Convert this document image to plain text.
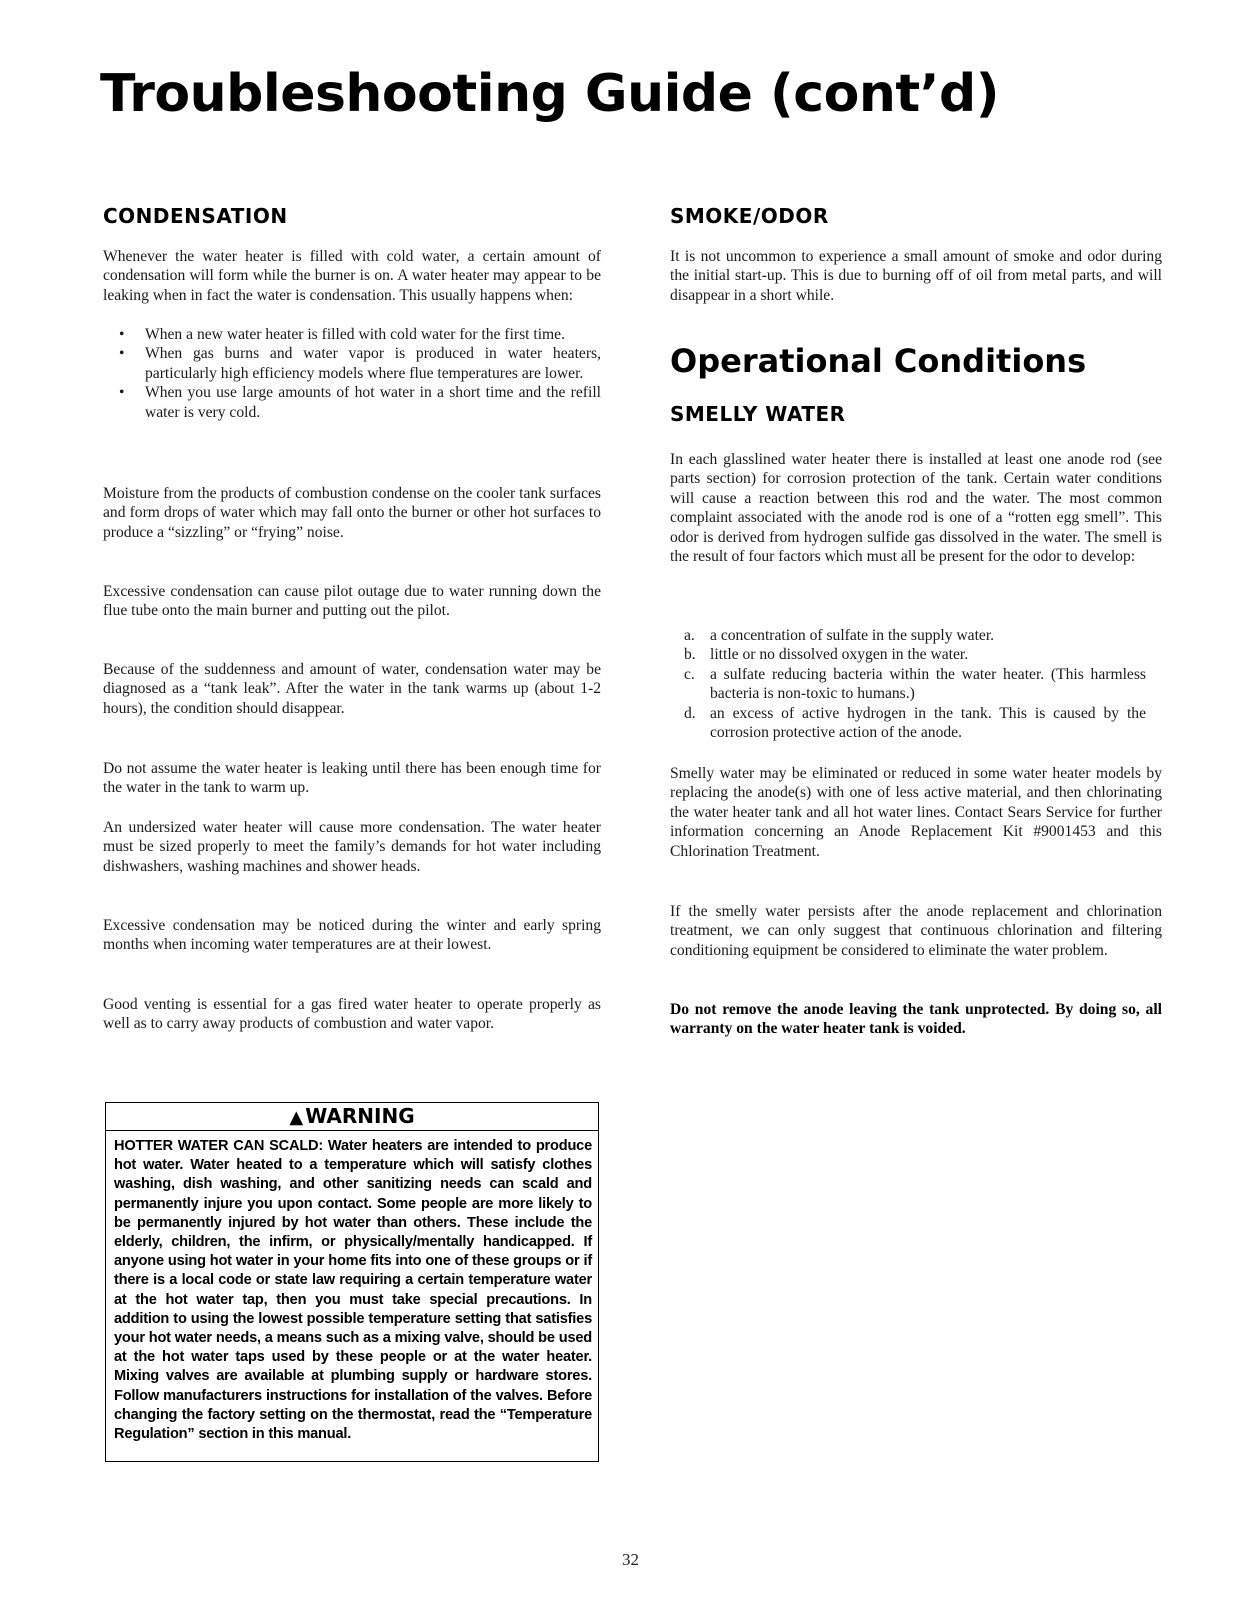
Troubleshooting Guide (cont’d)
CONDENSATION

Whenever the water heater is filled with cold water, a certain amount of condensation will form while the burner is on. A water heater may appear to be leaking when in fact the water is condensation. This usually happens when:

• When a new water heater is filled with cold water for the first time.
• When gas burns and water vapor is produced in water heaters, particularly high efficiency models where flue temperatures are lower.
• When you use large amounts of hot water in a short time and the refill water is very cold.

Moisture from the products of combustion condense on the cooler tank surfaces and form drops of water which may fall onto the burner or other hot surfaces to produce a “sizzling” or “frying” noise.

Excessive condensation can cause pilot outage due to water running down the flue tube onto the main burner and putting out the pilot.

Because of the suddenness and amount of water, condensation water may be diagnosed as a “tank leak”. After the water in the tank warms up (about 1-2 hours), the condition should disappear.

Do not assume the water heater is leaking until there has been enough time for the water in the tank to warm up.

An undersized water heater will cause more condensation. The water heater must be sized properly to meet the family’s demands for hot water including dishwashers, washing machines and shower heads.

Excessive condensation may be noticed during the winter and early spring months when incoming water temperatures are at their lowest.

Good venting is essential for a gas fired water heater to operate properly as well as to carry away products of combustion and water vapor.

▲ WARNING

HOTTER WATER CAN SCALD: Water heaters are intended to produce hot water. Water heated to a temperature which will satisfy clothes washing, dish washing, and other sanitizing needs can scald and permanently injure you upon contact. Some people are more likely to be permanently injured by hot water than others. These include the elderly, children, the infirm, or physically/mentally handicapped. If anyone using hot water in your home fits into one of these groups or if there is a local code or state law requiring a certain temperature water at the hot water tap, then you must take special precautions. In addition to using the lowest possible temperature setting that satisfies your hot water needs, a means such as a mixing valve, should be used at the hot water taps used by these people or at the water heater. Mixing valves are available at plumbing supply or hardware stores. Follow manufacturers instructions for installation of the valves. Before changing the factory setting on the thermostat, read the “Temperature Regulation” section in this manual.

SMOKE/ODOR

It is not uncommon to experience a small amount of smoke and odor during the initial start-up. This is due to burning off of oil from metal parts, and will disappear in a short while.

Operational Conditions
SMELLY WATER

In each glasslined water heater there is installed at least one anode rod (see parts section) for corrosion protection of the tank. Certain water conditions will cause a reaction between this rod and the water. The most common complaint associated with the anode rod is one of a “rotten egg smell”. This odor is derived from hydrogen sulfide gas dissolved in the water. The smell is the result of four factors which must all be present for the odor to develop:

a. a concentration of sulfate in the supply water.
b. little or no dissolved oxygen in the water.
c. a sulfate reducing bacteria within the water heater. (This harmless bacteria is non-toxic to humans.)
d. an excess of active hydrogen in the tank. This is caused by the corrosion protective action of the anode.

Smelly water may be eliminated or reduced in some water heater models by replacing the anode(s) with one of less active material, and then chlorinating the water heater tank and all hot water lines. Contact Sears Service for further information concerning an Anode Replacement Kit #9001453 and this Chlorination Treatment.

If the smelly water persists after the anode replacement and chlorination treatment, we can only suggest that continuous chlorination and filtering conditioning equipment be considered to eliminate the water problem.

Do not remove the anode leaving the tank unprotected. By doing so, all warranty on the water heater tank is voided.

32
